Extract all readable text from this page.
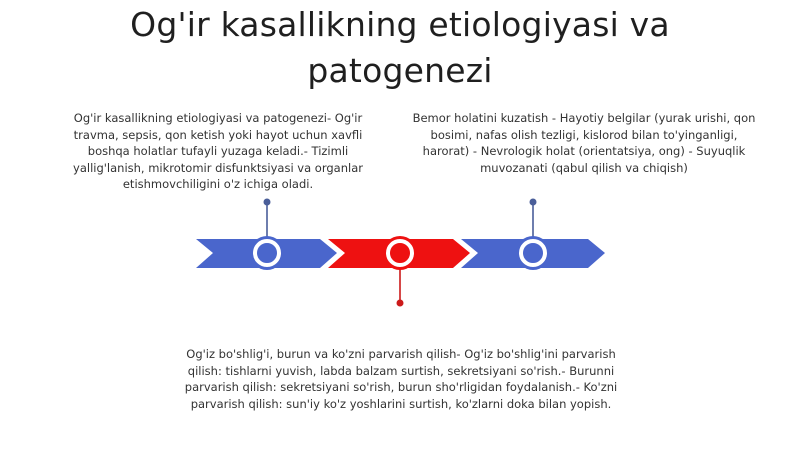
Og'ir kasallikning etiologiyasi va patogenezi
Og'ir kasallikning etiologiyasi va patogenezi- Og'ir travma, sepsis, qon ketish yoki hayot uchun xavfli boshqa holatlar tufayli yuzaga keladi.- Tizimli yallig'lanish, mikrotomir disfunktsiyasi va organlar etishmovchiligini o'z ichiga oladi.
Bemor holatini kuzatish - Hayotiy belgilar (yurak urishi, qon bosimi, nafas olish tezligi, kislorod bilan to'yinganligi, harorat) - Nevrologik holat (orientatsiya, ong) - Suyuqlik muvozanati (qabul qilish va chiqish)
Og'iz bo'shlig'i, burun va ko'zni parvarish qilish- Og'iz bo'shlig'ini parvarish qilish: tishlarni yuvish, labda balzam surtish, sekretsiyani so'rish.- Burunni parvarish qilish: sekretsiyani so'rish, burun sho'rligidan foydalanish.- Ko'zni parvarish qilish: sun'iy ko'z yoshlarini surtish, ko'zlarni doka bilan yopish.
